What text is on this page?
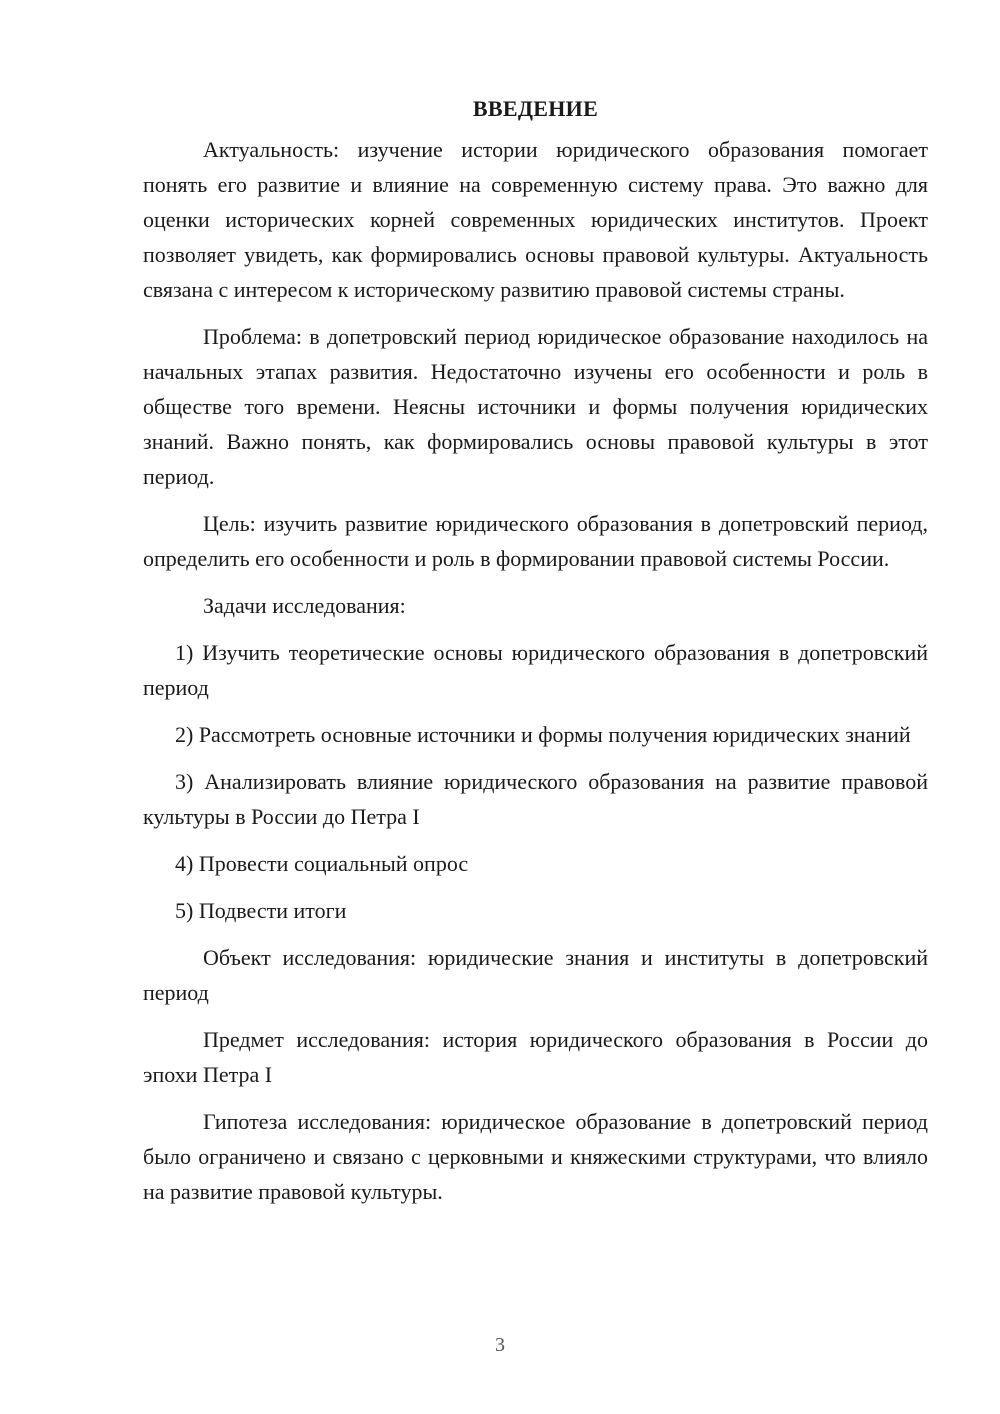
ВВЕДЕНИЕ

Актуальность: изучение истории юридического образования помогает понять его развитие и влияние на современную систему права. Это важно для оценки исторических корней современных юридических институтов. Проект позволяет увидеть, как формировались основы правовой культуры. Актуальность связана с интересом к историческому развитию правовой системы страны.

Проблема: в допетровский период юридическое образование находилось на начальных этапах развития. Недостаточно изучены его особенности и роль в обществе того времени. Неясны источники и формы получения юридических знаний. Важно понять, как формировались основы правовой культуры в этот период.

Цель: изучить развитие юридического образования в допетровский период, определить его особенности и роль в формировании правовой системы России.

Задачи исследования:

1) Изучить теоретические основы юридического образования в допетровский период

2) Рассмотреть основные источники и формы получения юридических знаний

3) Анализировать влияние юридического образования на развитие правовой культуры в России до Петра I

4) Провести социальный опрос

5) Подвести итоги

Объект исследования: юридические знания и институты в допетровский период

Предмет исследования: история юридического образования в России до эпохи Петра I

Гипотеза исследования: юридическое образование в допетровский период было ограничено и связано с церковными и княжескими структурами, что влияло на развитие правовой культуры.

3
